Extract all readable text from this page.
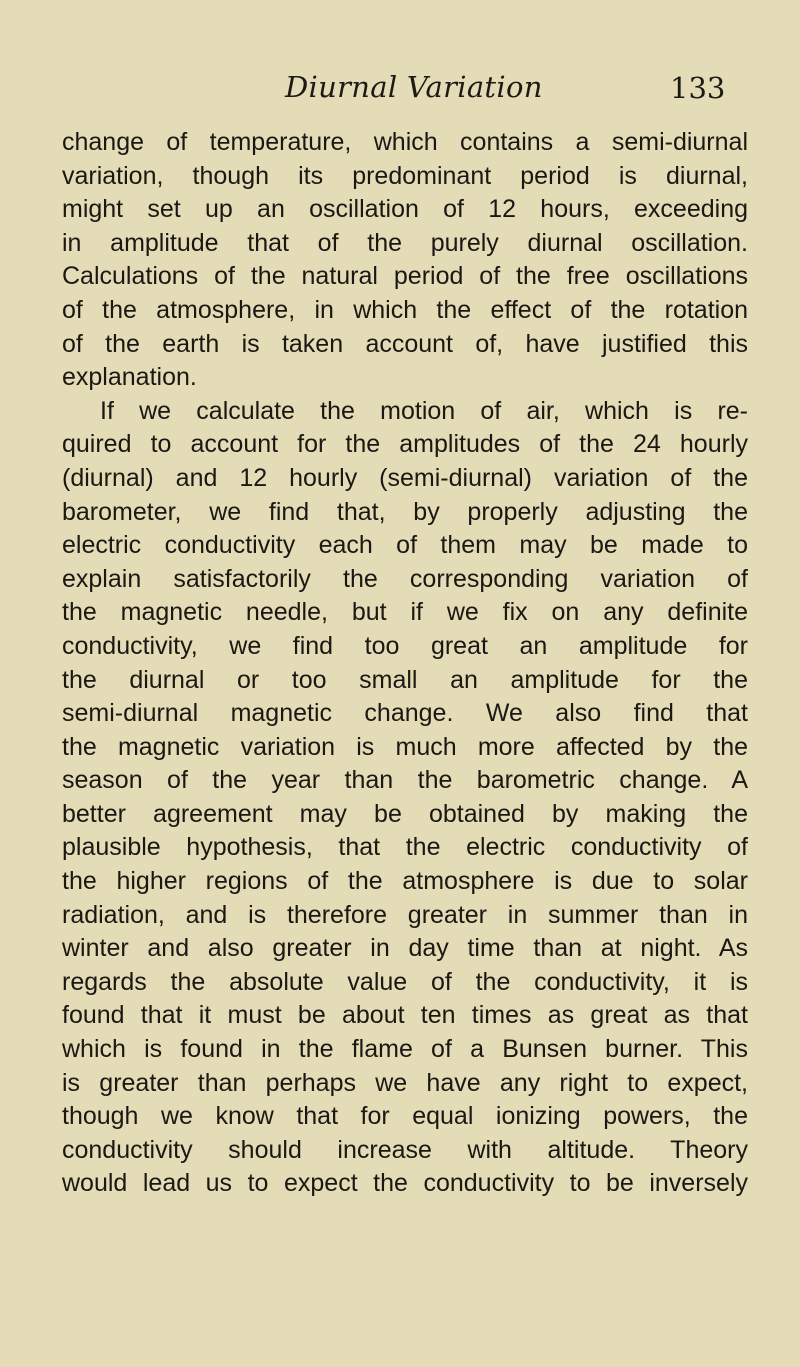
Diurnal Variation	133
change of temperature, which contains a semi-diurnal
variation, though its predominant period is diurnal,
might set up an oscillation of 12 hours, exceeding
in amplitude that of the purely diurnal oscillation.
Calculations of the natural period of the free oscillations
of the atmosphere, in which the effect of the rotation
of the earth is taken account of, have justified this
explanation.
If we calculate the motion of air, which is re-
quired to account for the amplitudes of the 24 hourly
(diurnal) and 12 hourly (semi-diurnal) variation of the
barometer, we find that, by properly adjusting the
electric conductivity each of them may be made to
explain satisfactorily the corresponding variation of
the magnetic needle, but if we fix on any definite
conductivity, we find too great an amplitude for
the diurnal or too small an amplitude for the
semi-diurnal magnetic change. We also find that
the magnetic variation is much more affected by the
season of the year than the barometric change. A
better agreement may be obtained by making the
plausible hypothesis, that the electric conductivity of
the higher regions of the atmosphere is due to solar
radiation, and is therefore greater in summer than in
winter and also greater in day time than at night. As
regards the absolute value of the conductivity, it is
found that it must be about ten times as great as that
which is found in the flame of a Bunsen burner. This
is greater than perhaps we have any right to expect,
though we know that for equal ionizing powers, the
conductivity should increase with altitude. Theory
would lead us to expect the conductivity to be inversely
